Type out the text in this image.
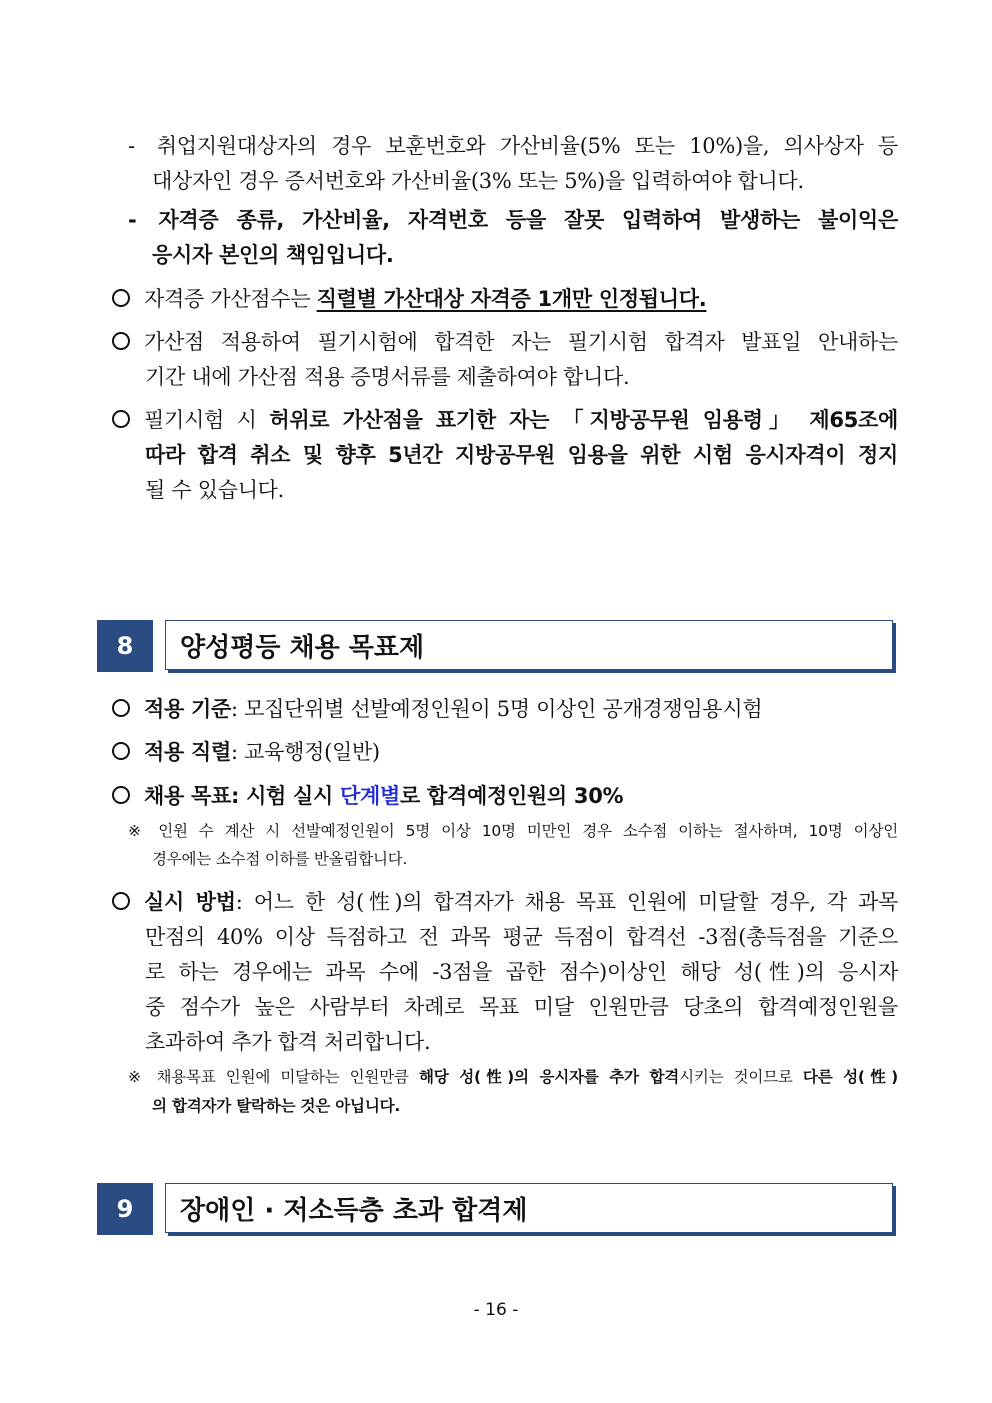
- 취업지원대상자의 경우 보훈번호와 가산비율(5% 또는 10%)을, 의사상자 등
대상자인 경우 증서번호와 가산비율(3% 또는 5%)을 입력하여야 합니다.
- 자격증 종류, 가산비율, 자격번호 등을 잘못 입력하여 발생하는 불이익은
응시자 본인의 책임입니다.
자격증 가산점수는 직렬별 가산대상 자격증 1개만 인정됩니다.
가산점 적용하여 필기시험에 합격한 자는 필기시험 합격자 발표일 안내하는
기간 내에 가산점 적용 증명서류를 제출하여야 합니다.
필기시험 시 허위로 가산점을 표기한 자는 「지방공무원 임용령」 제65조에
따라 합격 취소 및 향후 5년간 지방공무원 임용을 위한 시험 응시자격이 정지
될 수 있습니다.
8	양성평등 채용 목표제
적용 기준: 모집단위별 선발예정인원이 5명 이상인 공개경쟁임용시험
적용 직렬: 교육행정(일반)
채용 목표: 시험 실시 단계별로 합격예정인원의 30%
※ 인원 수 계산 시 선발예정인원이 5명 이상 10명 미만인 경우 소수점 이하는 절사하며, 10명 이상인
경우에는 소수점 이하를 반올림합니다.
실시 방법: 어느 한 성(性)의 합격자가 채용 목표 인원에 미달할 경우, 각 과목
만점의 40% 이상 득점하고 전 과목 평균 득점이 합격선 -3점(총득점을 기준으
로 하는 경우에는 과목 수에 -3점을 곱한 점수)이상인 해당 성(性)의 응시자
중 점수가 높은 사람부터 차례로 목표 미달 인원만큼 당초의 합격예정인원을
초과하여 추가 합격 처리합니다.
※ 채용목표 인원에 미달하는 인원만큼 해당 성(性)의 응시자를 추가 합격시키는 것이므로 다른 성(性)
의 합격자가 탈락하는 것은 아닙니다.
9	장애인 · 저소득층 초과 합격제
- 16 -
